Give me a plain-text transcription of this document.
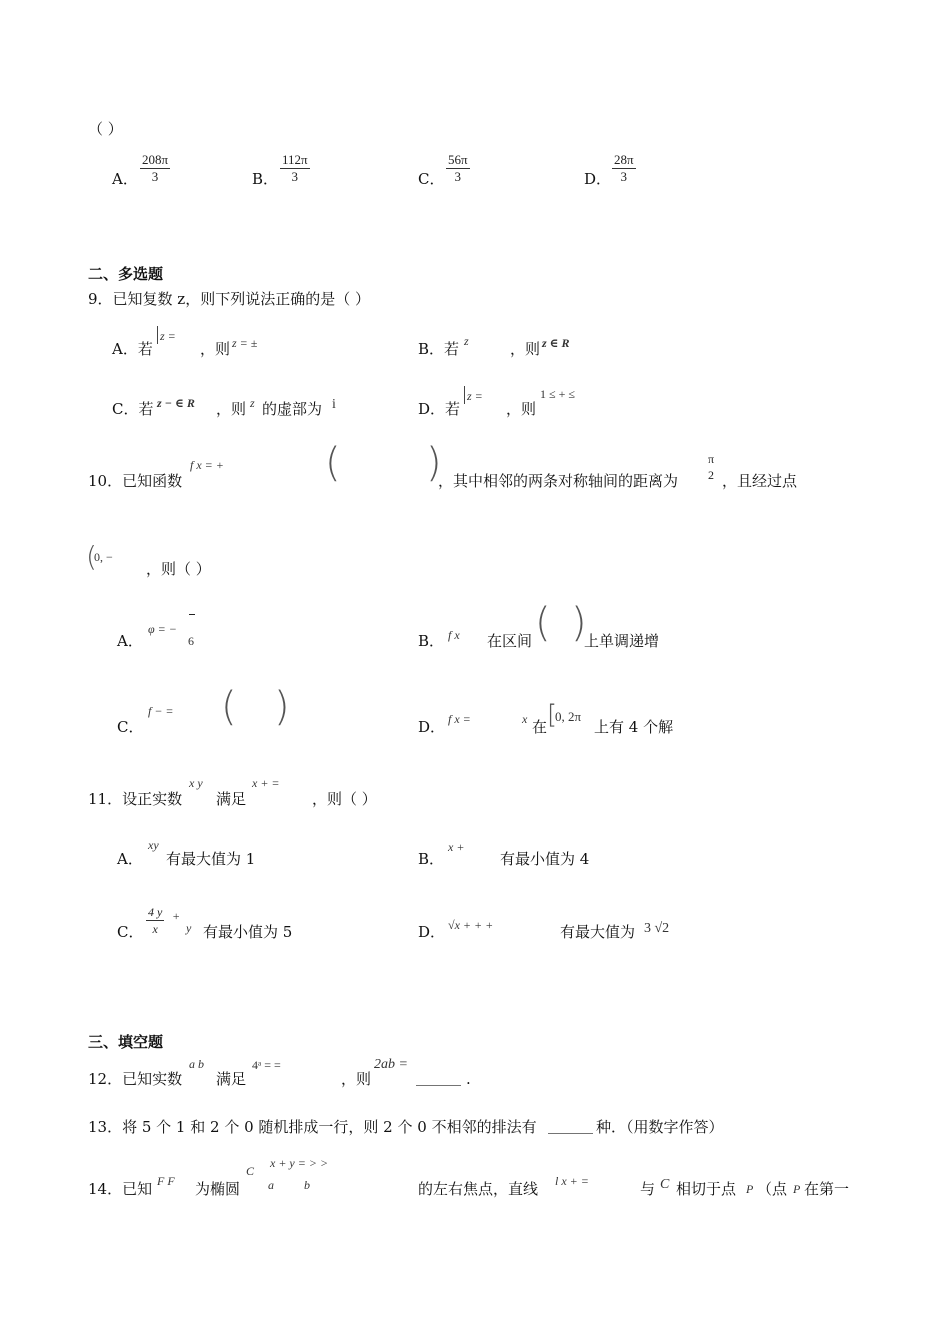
（ ）
A． $\frac{208\pi}{3}$	B． $\frac{112\pi}{3}$	C． $\frac{56\pi}{3}$	D． $\frac{28\pi}{3}$
二、多选题
9．已知复数 z，则下列说法正确的是（ ）
A．若
z =
，则 z = ±	B．若 z	，则 z ∈ R
C．若 z − ∈ R ，则 z 的虚部为 i	D．若
z =
，则
1 ≤ + ≤
10．已知函数
f x = +	( )
，其中相邻的两条对称轴间的距离为
π
2 ，且经过点
(
0, −
，则（ ）
A．
φ = −
6	B． f x 在区间 ( )
上单调递增
C．
f − = ( )	D． f x =	x 在 [
0, 2π
上有 4 个解
11．设正实数
x y
满足
x + =
，则（ ）
A．
xy
有最大值为 1	B．
x +
有最小值为 4
C． $\frac{4 y}{x}$ +
y 有最小值为 5	D． √x + + +	有最大值为 3 √2
三、填空题
12．已知实数
a b
满足
4ᵃ = =
，则
2ab =
______ .
13．将 5 个 1 和 2 个 0 随机排成一行，则 2 个 0 不相邻的排法有 ______ 种．（用数字作答）
14．已知 F F 为椭圆
C
x + y = > >
a	b	的左右焦点，直线 l x + =	与 C 相切于点 P （点 P 在第一
